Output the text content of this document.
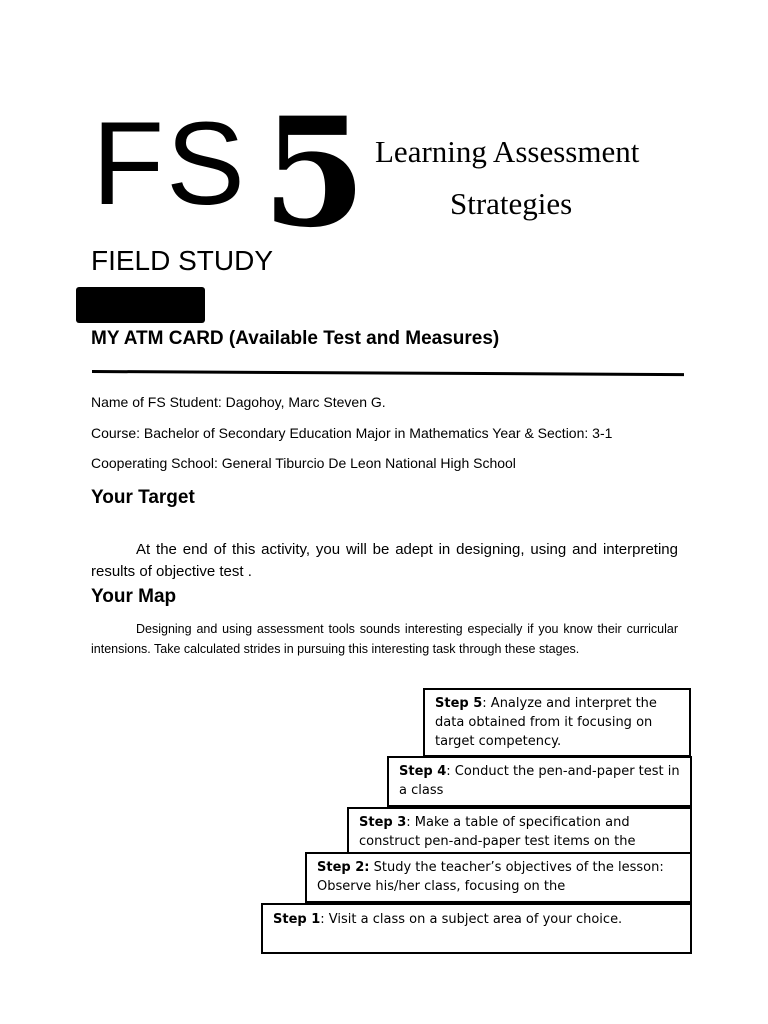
FS 5 Learning Assessment
Strategies
FIELD STUDY
MY ATM CARD (Available Test and Measures)
Name of FS Student: Dagohoy, Marc Steven G.
Course: Bachelor of Secondary Education Major in Mathematics Year & Section: 3-1
Cooperating School: General Tiburcio De Leon National High School
Your Target
At the end of this activity, you will be adept in designing, using and interpreting results of objective test .
Your Map
Designing and using assessment tools sounds interesting especially if you know their curricular intensions. Take calculated strides in pursuing this interesting task through these stages.
Step 1: Visit a class on a subject area of your choice.
Step 2: Study the teacher’s objectives of the lesson: Observe his/her class, focusing on the
Step 3: Make a table of specification and construct pen-and-paper test items on the
Step 4: Conduct the pen-and-paper test in a class
Step 5: Analyze and interpret the data obtained from it focusing on target competency.
